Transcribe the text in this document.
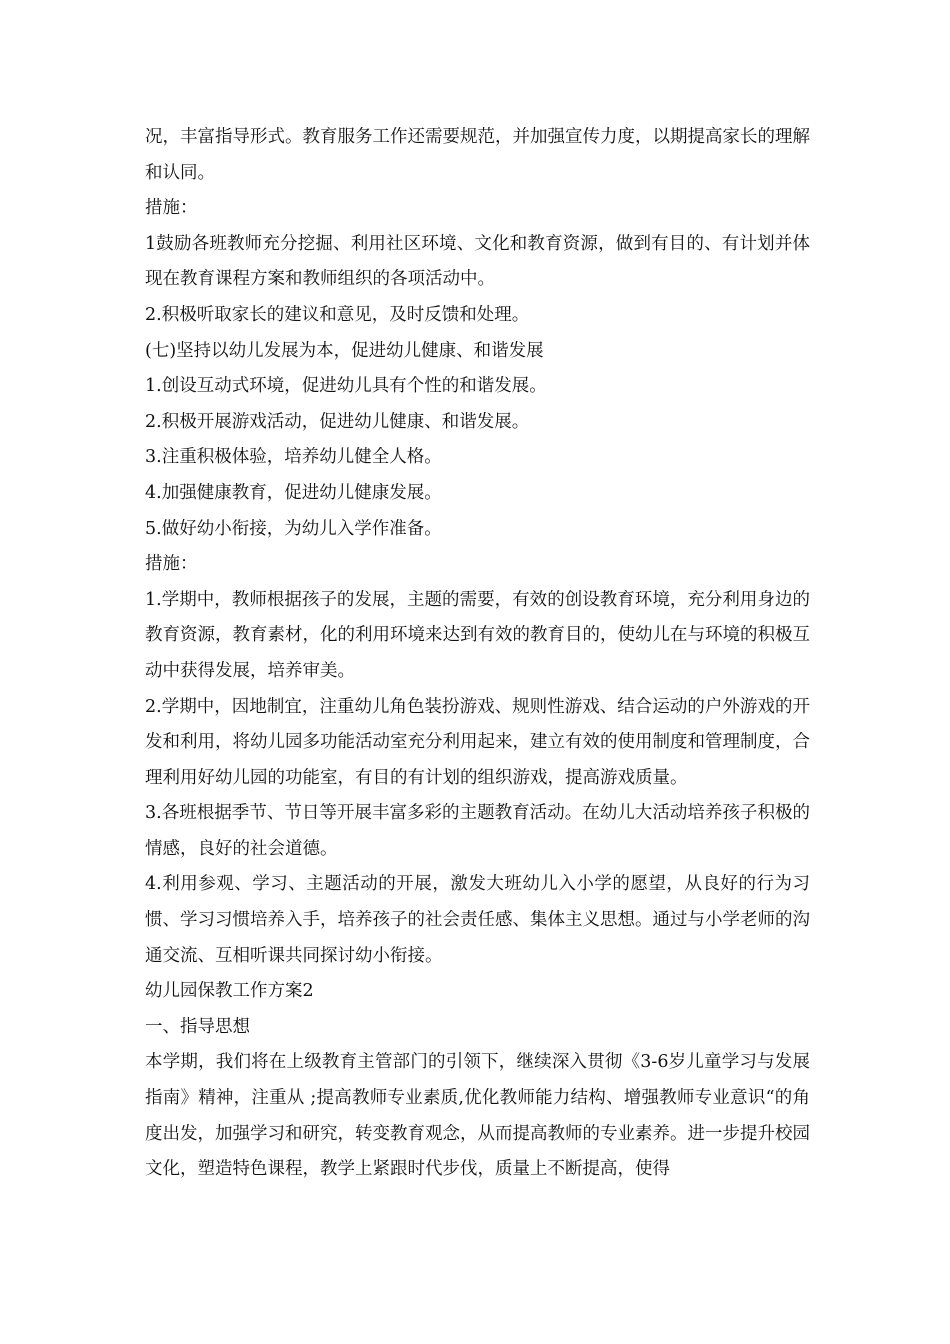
况，丰富指导形式。教育服务工作还需要规范，并加强宣传力度，以期提高家长的理解和认同。

措施：

1鼓励各班教师充分挖掘、利用社区环境、文化和教育资源，做到有目的、有计划并体现在教育课程方案和教师组织的各项活动中。

2.积极听取家长的建议和意见，及时反馈和处理。

(七)坚持以幼儿发展为本，促进幼儿健康、和谐发展

1.创设互动式环境，促进幼儿具有个性的和谐发展。

2.积极开展游戏活动，促进幼儿健康、和谐发展。

3.注重积极体验，培养幼儿健全人格。

4.加强健康教育，促进幼儿健康发展。

5.做好幼小衔接，为幼儿入学作准备。

措施：

1.学期中，教师根据孩子的发展，主题的需要，有效的创设教育环境，充分利用身边的教育资源，教育素材，化的利用环境来达到有效的教育目的，使幼儿在与环境的积极互动中获得发展，培养审美。

2.学期中，因地制宜，注重幼儿角色装扮游戏、规则性游戏、结合运动的户外游戏的开发和利用，将幼儿园多功能活动室充分利用起来，建立有效的使用制度和管理制度，合理利用好幼儿园的功能室，有目的有计划的组织游戏，提高游戏质量。

3.各班根据季节、节日等开展丰富多彩的主题教育活动。在幼儿大活动培养孩子积极的情感，良好的社会道德。

4.利用参观、学习、主题活动的开展，激发大班幼儿入小学的愿望，从良好的行为习惯、学习习惯培养入手，培养孩子的社会责任感、集体主义思想。通过与小学老师的沟通交流、互相听课共同探讨幼小衔接。

幼儿园保教工作方案2

一、指导思想

本学期，我们将在上级教育主管部门的引领下，继续深入贯彻《3-6岁儿童学习与发展指南》精神，注重从 ;提高教师专业素质,优化教师能力结构、增强教师专业意识“的角度出发，加强学习和研究，转变教育观念，从而提高教师的专业素养。进一步提升校园文化，塑造特色课程，教学上紧跟时代步伐，质量上不断提高，使得
